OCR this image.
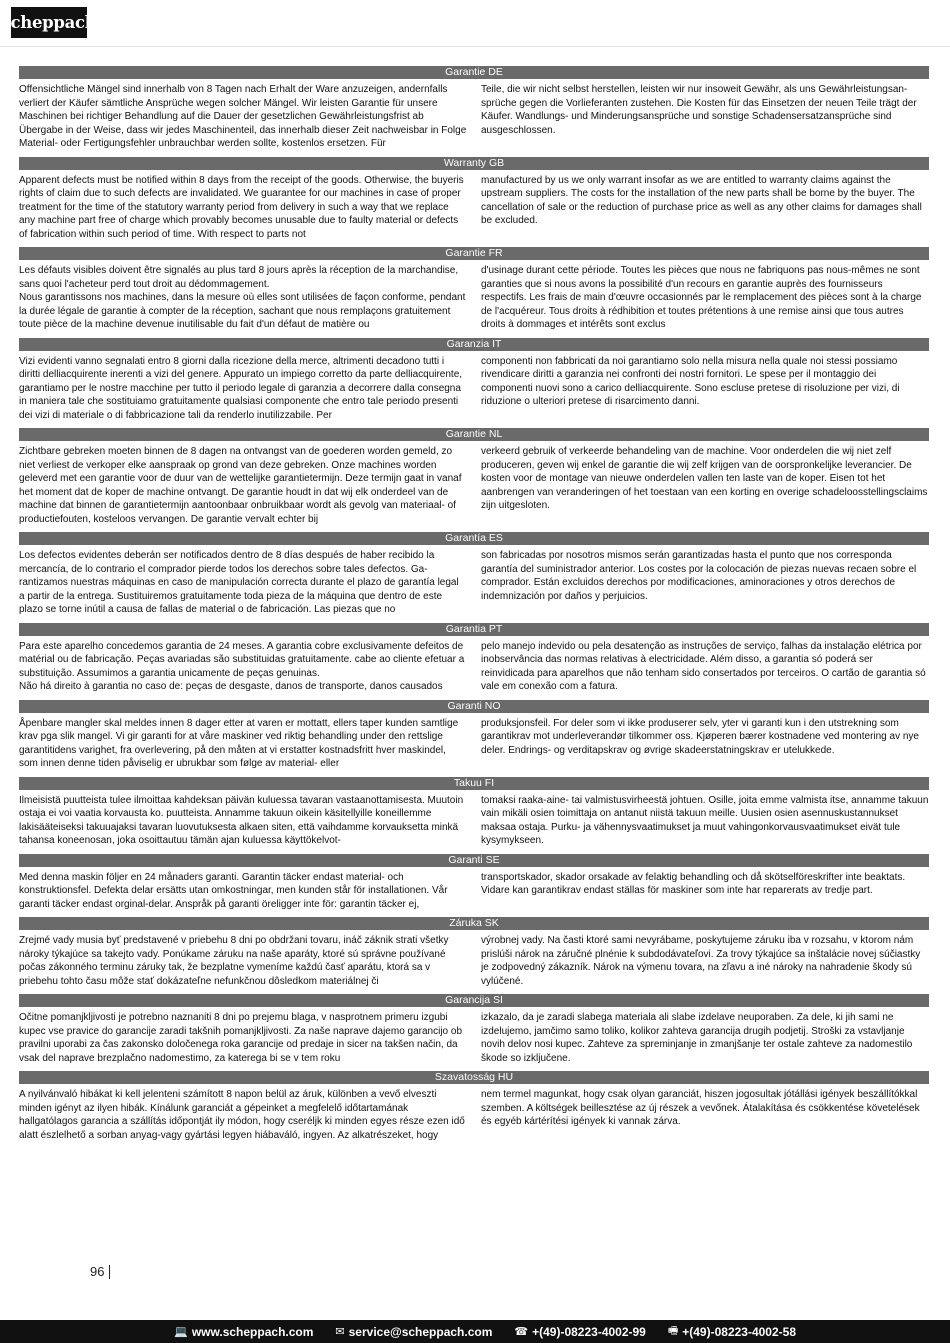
scheppach
Garantie DE

Offensichtliche Mängel sind innerhalb von 8 Tagen nach Erhalt der Ware anzuzeigen, andernfalls verliert der Käufer sämtliche Ansprüche wegen solcher Mängel. Wir leisten Garantie für unsere Maschinen bei richtiger Behandlung auf die Dauer der gesetzlichen Gewährleistungsfrist ab Übergabe in der Weise, dass wir jedes Maschinenteil, das innerhalb dieser Zeit nachweisbar in Folge Material- oder Fertigungsfehler unbrauchbar werden sollte, kostenlos ersetzen. Für

Teile, die wir nicht selbst herstellen, leisten wir nur insoweit Gewähr, als uns Gewährleistungsansprüche gegen die Vorlieferanten zustehen. Die Kosten für das Einsetzen der neuen Teile trägt der Käufer. Wandlungs- und Minderungsansprüche und sonstige Schadensersatzansprüche sind ausgeschlossen.

Warranty GB

Apparent defects must be notified within 8 days from the receipt of the goods. Otherwise, the buyeris rights of claim due to such defects are invalidated. We guarantee for our machines in case of proper treatment for the time of the statutory warranty period from delivery in such a way that we replace any machine part free of charge which provably becomes unusable due to faulty material or defects of fabrication within such period of time. With respect to parts not

manufactured by us we only warrant insofar as we are entitled to warranty claims against the upstream suppliers. The costs for the installation of the new parts shall be borne by the buyer. The cancellation of sale or the reduction of purchase price as well as any other claims for damages shall be excluded.

Garantie FR

Les défauts visibles doivent être signalés au plus tard 8 jours après la réception de la marchandise, sans quoi l'acheteur perd tout droit au dédommagement.

Nous garantissons nos machines, dans la mesure où elles sont utilisées de façon conforme, pendant la durée légale de garantie à compter de la réception, sachant que nous remplaçons gratuitement toute pièce de la machine devenue inutilisable du fait d'un défaut de matière ou

d'usinage durant cette période. Toutes les pièces que nous ne fabriquons pas nous-mêmes ne sont garanties que si nous avons la possibilité d'un recours en garantie auprès des fournisseurs respectifs. Les frais de main d'œuvre occasionnés par le remplacement des pièces sont à la charge de l'acquéreur. Tous droits à rédhibition et toutes prétentions à une remise ainsi que tous autres droits à dommages et intérêts sont exclus

Garanzia IT

Vizi evidenti vanno segnalati entro 8 giorni dalla ricezione della merce, altrimenti decadono tutti i diritti delliacquirente inerenti a vizi del genere. Appurato un impiego corretto da parte delliacquirente, garantiamo per le nostre macchine per tutto il periodo legale di garanzia a decorrere dalla consegna in maniera tale che sostituiamo gratuitamente qualsiasi componente che entro tale periodo presenti dei vizi di materiale o di fabbricazione tali da renderlo inutilizzabile. Per

componenti non fabbricati da noi garantiamo solo nella misura nella quale noi stessi possiamo rivendicare diritti a garanzia nei confronti dei nostri fornitori. Le spese per il montaggio dei componenti nuovi sono a carico delliacquirente. Sono escluse pretese di risoluzione per vizi, di riduzione o ulteriori pretese di risarcimento danni.

Garantie NL

Zichtbare gebreken moeten binnen de 8 dagen na ontvangst van de goederen worden gemeld, zo niet verliest de verkoper elke aanspraak op grond van deze gebreken. Onze machines worden geleverd met een garantie voor de duur van de wettelijke garantietermijn. Deze termijn gaat in vanaf het moment dat de koper de machine ontvangt. De garantie houdt in dat wij elk onderdeel van de machine dat binnen de garantietermijn aantoonbaar onbruikbaar wordt als gevolg van materiaal- of productiefouten, kosteloos vervangen. De garantie vervalt echter bij

verkeerd gebruik of verkeerde behandeling van de machine. Voor onderdelen die wij niet zelf produceren, geven wij enkel de garantie die wij zelf krijgen van de oorspronkelijke leverancier. De kosten voor de montage van nieuwe onderdelen vallen ten laste van de koper. Eisen tot het aanbrengen van veranderingen of het toestaan van een korting en overige schadeloosstellingsclaims zijn uitgesloten.

Garantía ES

Los defectos evidentes deberán ser notificados dentro de 8 días después de haber recibido la mercancía, de lo contrario el comprador pierde todos los derechos sobre tales defectos. Garantizamos nuestras máquinas en caso de manipulación correcta durante el plazo de garantía legal a partir de la entrega. Sustituiremos gratuitamente toda pieza de la máquina que dentro de este plazo se torne inútil a causa de fallas de material o de fabricación. Las piezas que no

son fabricadas por nosotros mismos serán garantizadas hasta el punto que nos corresponda garantía del suministrador anterior. Los costes por la colocación de piezas nuevas recaen sobre el comprador. Están excluidos derechos por modificaciones, aminoraciones y otros derechos de indemnización por daños y perjuicios.

Garantia PT

Para este aparelho concedemos garantia de 24 meses. A garantia cobre exclusivamente defeitos de matérial ou de fabricação. Peças avariadas são substituidas gratuitamente. cabe ao cliente efetuar a substituição. Assumimos a garantia unicamente de peças genuinas.

Não há direito à garantia no caso de: peças de desgaste, danos de transporte, danos causados

pelo manejo indevido ou pela desatenção as instruções de serviço, falhas da instalação elétrica por inobservância das normas relativas à electricidade. Além disso, a garantia só poderá ser reinvidicada para aparelhos que não tenham sido consertados por terceiros. O cartão de garantia só vale em conexão com a fatura.

Garanti NO

Åpenbare mangler skal meldes innen 8 dager etter at varen er mottatt, ellers taper kunden samtlige krav pga slik mangel. Vi gir garanti for at våre maskiner ved riktig behandling under den rettslige garantitidens varighet, fra overlevering, på den måten at vi erstatter kostnadsfritt hver maskindel, som innen denne tiden påviselig er ubrukbar som følge av material- eller

produksjonsfeil. For deler som vi ikke produserer selv, yter vi garanti kun i den utstrekning som garantikrav mot underleverandør tilkommer oss. Kjøperen bærer kostnadene ved montering av nye deler. Endrings- og verditapskrav og øvrige skadeerstatningskrav er utelukkede.

Takuu FI

Ilmeisistä puutteista tulee ilmoittaa kahdeksan päivän kuluessa tavaran vastaanottamisesta. Muutoin ostaja ei voi vaatia korvausta ko. puutteista. Annamme takuun oikein käsitellyille koneillemme lakisääteiseksi takuuajaksi tavaran luovutuksesta alkaen siten, että vaihdamme korvauksetta minkä tahansa koneenosan, joka osoittautuu tämän ajan kuluessa käyttökelvot-

tomaksi raaka-aine- tai valmistusvirheestä johtuen. Osille, joita emme valmista itse, annamme takuun vain mikäli osien toimittaja on antanut niistä takuun meille. Uusien osien asennuskustannukset maksaa ostaja. Purku- ja vähennysvaatimukset ja muut vahingonkorvausvaatimukset eivät tule kysymykseen.

Garanti SE

Med denna maskin följer en 24 månaders garanti. Garantin täcker endast material- och konstruktionsfel. Defekta delar ersätts utan omkostningar, men kunden står för installationen. Vår garanti täcker endast orginal-delar. Anspråk på garanti öreligger inte för: garantin täcker ej,

transportskador, skador orsakade av felaktig behandling och då skötselföreskrifter inte beaktats. Vidare kan garantikrav endast ställas för maskiner som inte har reparerats av tredje part.

Záruka SK

Zrejmé vady musia byť predstavené v priebehu 8 dni po obdržani tovaru, ináč záknik strati všetky nároky týkajúce sa takejto vady. Ponúkame záruku na naše aparáty, ktoré sú správne používané počas zákonného terminu záruky tak, že bezplatne vymeníme každú časť aparátu, ktorá sa v priebehu tohto času môže stať dokázateľne nefunkčnou dôsledkom materiálnej či

výrobnej vady. Na časti ktoré sami nevyrábame, poskytujeme záruku iba v rozsahu, v ktorom nám prislúši nárok na záručné plnénie k subdodávateľovi. Za trovy týkajúce sa inštalácie novej súčiastky je zodpovedný zákazník. Nárok na výmenu tovara, na zľavu a iné nároky na nahradenie škody sú vylúčené.

Garancija SI

Očitne pomanjkljivosti je potrebno naznaniti 8 dni po prejemu blaga, v nasprotnem primeru izgubi kupec vse pravice do garancije zaradi takšnih pomanjkljivosti. Za naše naprave dajemo garancijo ob pravilni uporabi za čas zakonsko določenega roka garancije od predaje in sicer na takšen način, da vsak del naprave brezplačno nadomestimo, za katerega bi se v tem roku

izkazalo, da je zaradi slabega materiala ali slabe izdelave neuporaben. Za dele, ki jih sami ne izdelujemo, jamčimo samo toliko, kolikor zahteva garancija drugih podjetij. Stroški za vstavljanje novih delov nosi kupec. Zahteve za spreminjanje in zmanjšanje ter ostale zahteve za nadomestilo škode so izključene.

Szavatosság HU

A nyilvánvaló hibákat ki kell jelenteni számított 8 napon belül az áruk, különben a vevő elveszti minden igényt az ilyen hibák. Kínálunk garanciát a gépeinket a megfelelő időtartamának hallgatólagos garancia a szállítás időpontját ily módon, hogy cseréljk ki minden egyes része ezen idő alatt észlelhető a sorban anyag-vagy gyártási legyen hiábaváló, ingyen. Az alkatrészeket, hogy

nem termel magunkat, hogy csak olyan garanciát, hiszen jogosultak jótállási igények beszállítókkal szemben. A költségek beillesztése az új részek a vevőnek. Átalakítása és csökkentése követelések és egyéb kártérítési igények ki vannak zárva.

96
💻 www.scheppach.com ✉ service@scheppach.com ☎ +(49)-08223-4002-99 🖷 +(49)-08223-4002-58
